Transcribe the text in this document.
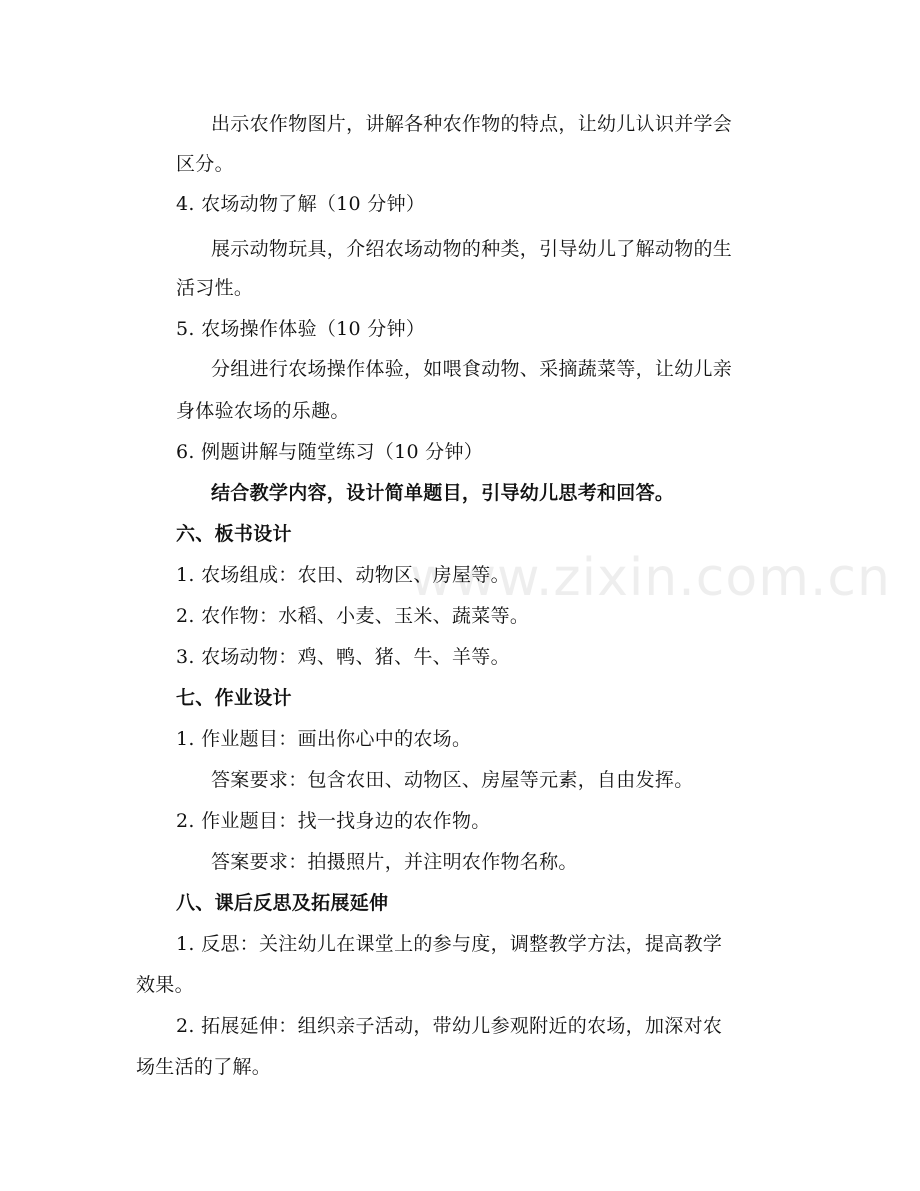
www.zixin.com.cn
出示农作物图片，讲解各种农作物的特点，让幼儿认识并学会
区分。
4. 农场动物了解（10 分钟）
展示动物玩具，介绍农场动物的种类，引导幼儿了解动物的生
活习性。
5. 农场操作体验（10 分钟）
分组进行农场操作体验，如喂食动物、采摘蔬菜等，让幼儿亲
身体验农场的乐趣。
6. 例题讲解与随堂练习（10 分钟）
结合教学内容，设计简单题目，引导幼儿思考和回答。
六、板书设计
1. 农场组成：农田、动物区、房屋等。
2. 农作物：水稻、小麦、玉米、蔬菜等。
3. 农场动物：鸡、鸭、猪、牛、羊等。
七、作业设计
1. 作业题目：画出你心中的农场。
答案要求：包含农田、动物区、房屋等元素，自由发挥。
2. 作业题目：找一找身边的农作物。
答案要求：拍摄照片，并注明农作物名称。
八、课后反思及拓展延伸
1. 反思：关注幼儿在课堂上的参与度，调整教学方法，提高教学
效果。
2. 拓展延伸：组织亲子活动，带幼儿参观附近的农场，加深对农
场生活的了解。
